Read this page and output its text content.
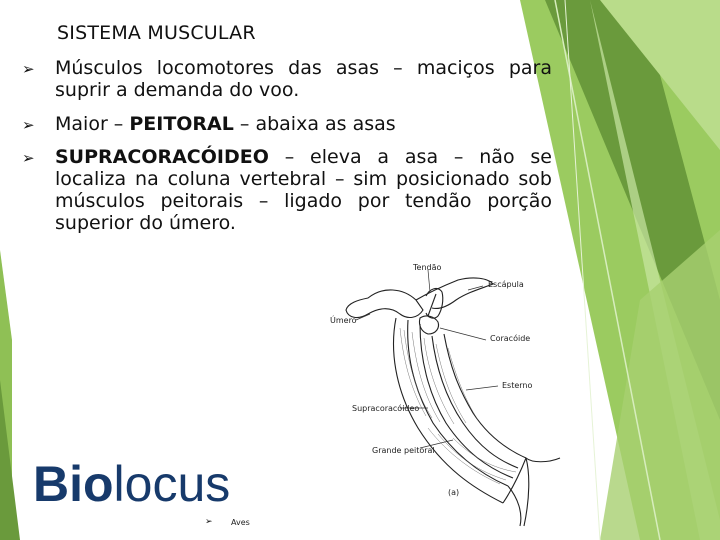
SISTEMA MUSCULAR
➢	Músculos locomotores das asas – maciços para suprir a demanda do voo.
➢	Maior – PEITORAL – abaixa as asas
➢	SUPRACORACÓIDEO – eleva a asa – não se localiza na coluna vertebral – sim posicionado sob músculos peitorais – ligado por tendão porção superior do úmero.
Tendão
Escápula
Úmero
Coracóide
Esterno
Supracoracóideo
Grande peitoral
(a)
Biolocus
➢ Aves
